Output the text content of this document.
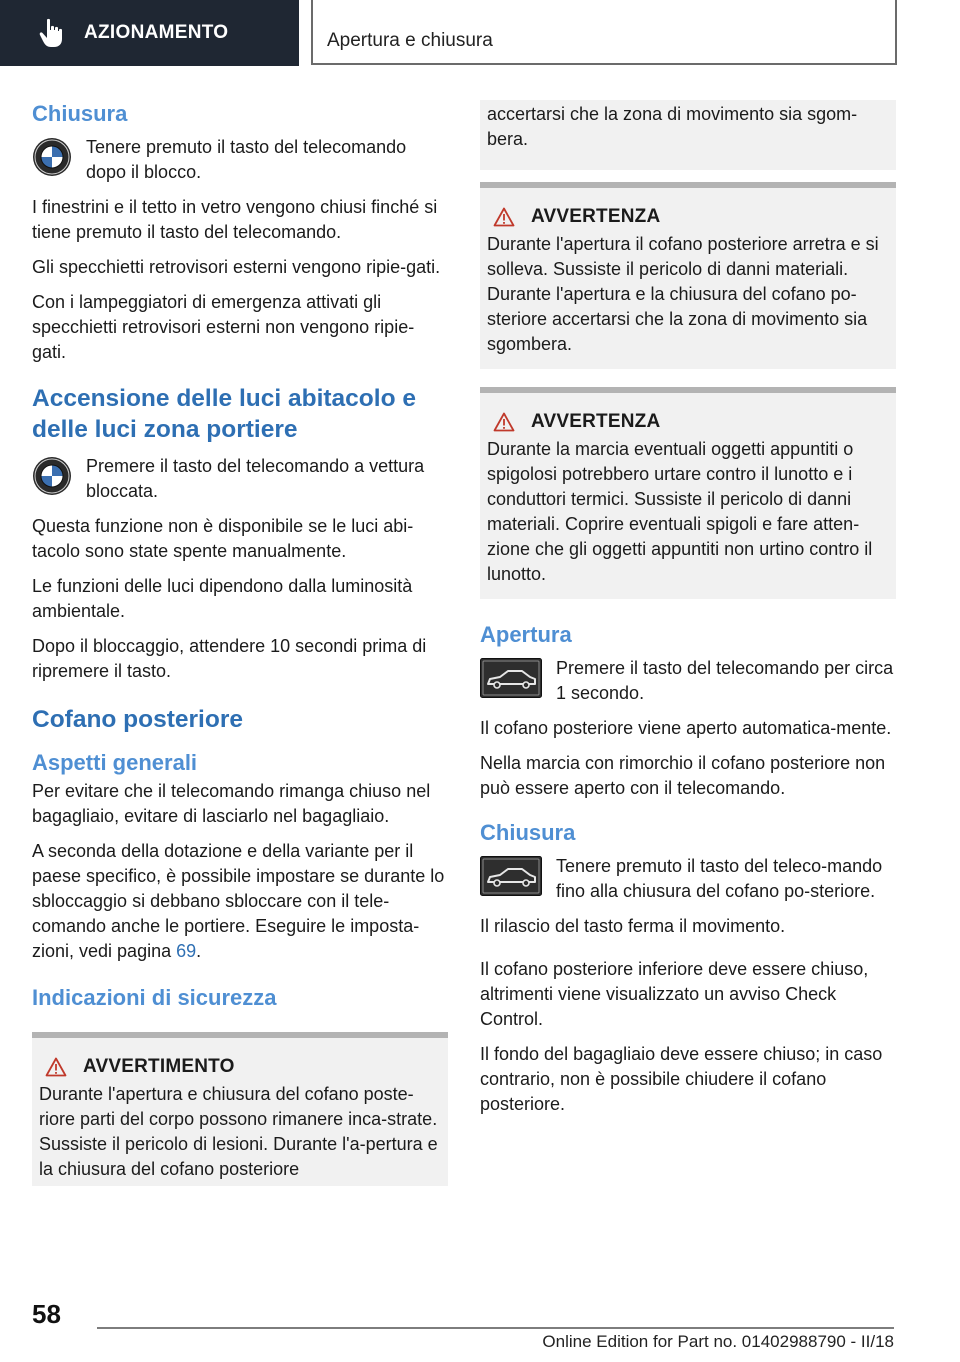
AZIONAMENTO	Apertura e chiusura
Chiusura

Tenere premuto il tasto del telecomando dopo il blocco.

I finestrini e il tetto in vetro vengono chiusi finché si tiene premuto il tasto del telecomando.

Gli specchietti retrovisori esterni vengono ripie-gati.

Con i lampeggiatori di emergenza attivati gli specchietti retrovisori esterni non vengono ripie-gati.

Accensione delle luci abitacolo e delle luci zona portiere

Premere il tasto del telecomando a vettura bloccata.

Questa funzione non è disponibile se le luci abi-tacolo sono state spente manualmente.

Le funzioni delle luci dipendono dalla luminosità ambientale.

Dopo il bloccaggio, attendere 10 secondi prima di ripremere il tasto.

Cofano posteriore
Aspetti generali

Per evitare che il telecomando rimanga chiuso nel bagagliaio, evitare di lasciarlo nel bagagliaio.

A seconda della dotazione e della variante per il paese specifico, è possibile impostare se durante lo sbloccaggio si debbano sbloccare con il tele-comando anche le portiere. Eseguire le imposta-zioni, vedi pagina 69.

Indicazioni di sicurezza
AVVERTIMENTO

Durante l'apertura e chiusura del cofano poste-riore parti del corpo possono rimanere inca-strate. Sussiste il pericolo di lesioni. Durante l'a-pertura e la chiusura del cofano posteriore

accertarsi che la zona di movimento sia sgom-bera.

AVVERTENZA

Durante l'apertura il cofano posteriore arretra e si solleva. Sussiste il pericolo di danni materiali. Durante l'apertura e la chiusura del cofano po-steriore accertarsi che la zona di movimento sia sgombera.

AVVERTENZA

Durante la marcia eventuali oggetti appuntiti o spigolosi potrebbero urtare contro il lunotto e i conduttori termici. Sussiste il pericolo di danni materiali. Coprire eventuali spigoli e fare atten-zione che gli oggetti appuntiti non urtino contro il lunotto.

Apertura

Premere il tasto del telecomando per circa 1 secondo.

Il cofano posteriore viene aperto automatica-mente.

Nella marcia con rimorchio il cofano posteriore non può essere aperto con il telecomando.

Chiusura

Tenere premuto il tasto del teleco-mando fino alla chiusura del cofano po-steriore.

Il rilascio del tasto ferma il movimento.

Il cofano posteriore inferiore deve essere chiuso, altrimenti viene visualizzato un avviso Check Control.

Il fondo del bagagliaio deve essere chiuso; in caso contrario, non è possibile chiudere il cofano posteriore.

58
Online Edition for Part no. 01402988790 - II/18
